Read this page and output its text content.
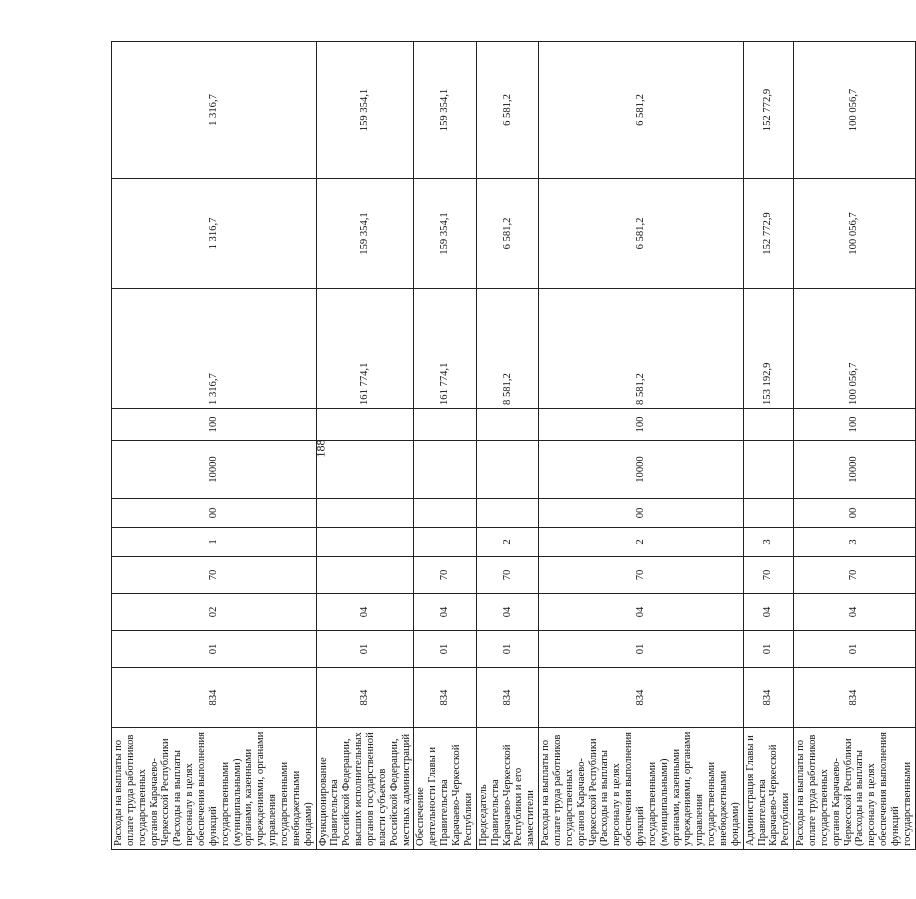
188
Расходы на выплаты по оплате труда работников государственных органов Карачаево-Черкесской Республики (Расходы на выплаты персоналу в целях обеспечения выполнения функций государственными (муниципальными) органами, казенными учреждениями, органами управления государственными внебюджетными фондами)	834	01	02	70	1	00	10000	100	1 316,7	1 316,7	1 316,7
Функционирование Правительства Российской Федерации, высших исполнительных органов государственной власти субъектов Российской Федерации, местных администраций	834	01	04						161 774,1	159 354,1	159 354,1
Обеспечение деятельности Главы и Правительства Карачаево-Черкесской Республики	834	01	04	70					161 774,1	159 354,1	159 354,1
Председатель Правительства Карачаево-Черкесской Республики и его заместители	834	01	04	70	2				8 581,2	6 581,2	6 581,2
Расходы на выплаты по оплате труда работников государственных органов Карачаево-Черкесской Республики (Расходы на выплаты персоналу в целях обеспечения выполнения функций государственными (муниципальными) органами, казенными учреждениями, органами управления государственными внебюджетными фондами)	834	01	04	70	2	00	10000	100	8 581,2	6 581,2	6 581,2
Администрация Главы и Правительства Карачаево-Черкесской Республики	834	01	04	70	3				153 192,9	152 772,9	152 772,9
Расходы на выплаты по оплате труда работников государственных органов Карачаево-Черкесской Республики (Расходы на выплаты персоналу в целях обеспечения выполнения функций государственными	834	01	04	70	3	00	10000	100	100 056,7	100 056,7	100 056,7
